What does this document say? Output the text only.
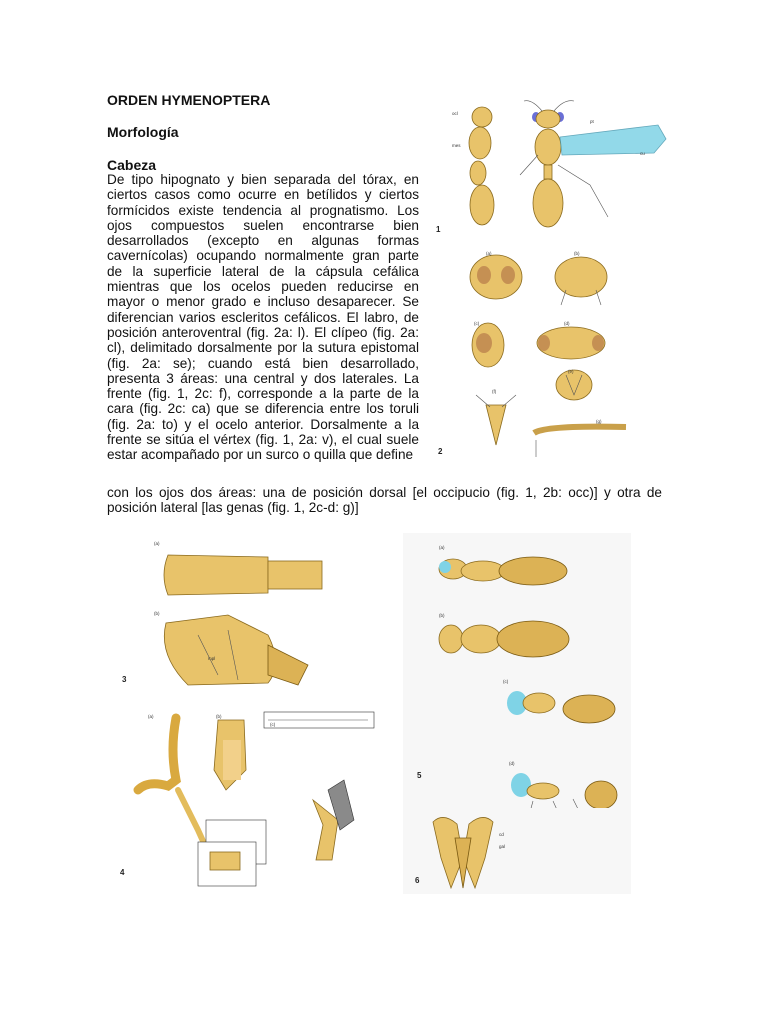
ORDEN HYMENOPTERA
Morfología
Cabeza
De tipo hipognato y bien separada del tórax, en ciertos casos como ocurre en betílidos y ciertos formícidos existe tendencia al prognatismo. Los ojos compuestos suelen encontrarse bien desarrollados (excepto en algunas formas cavernícolas) ocupando normalmente gran parte de la superficie lateral de la cápsula cefálica mientras que los ocelos pueden reducirse en mayor o menor grado e incluso desaparecer. Se diferencian varios escleritos cefálicos. El labro, de posición anteroventral (fig. 2a: l). El clípeo (fig. 2a: cl), delimitado dorsalmente por la sutura epistomal (fig. 2a: se); cuando está bien desarrollado, presenta 3 áreas: una central y dos laterales. La frente (fig. 1, 2c: f), corresponde a la parte de la cara (fig. 2c: ca) que se diferencia entre los toruli (fig. 2a: to) y el ocelo anterior. Dorsalmente a la frente se sitúa el vértex (fig. 1, 2a: v), el cual suele estar acompañado por un surco o quilla que define
con los ojos dos áreas: una de posición dorsal [el occipucio (fig. 1, 2b: occ)] y otra de posición lateral [las genas (fig. 1, 2c-d: g)]
ocl
mes
pt
cu
1
(a)	(b)
(c)	(d)
(e)
(f)
(g)
2
(a)
(b)
mpl
3
(a)	(b)
(c)
4
(a)
(b)
(c)
(d)
5
cd
gal
6
